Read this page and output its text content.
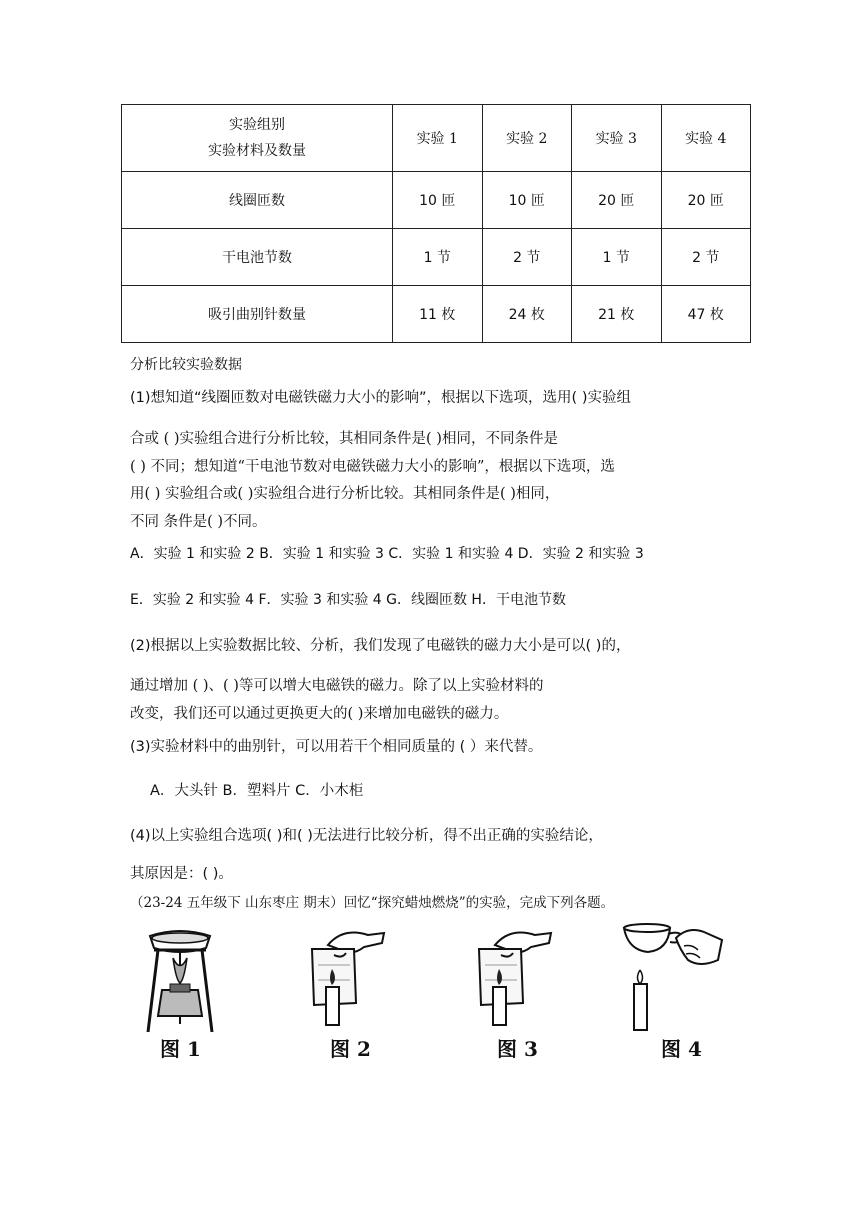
实验组别
实验材料及数量	实验 1	实验 2	实验 3	实验 4
线圈匝数	10 匝	10 匝	20 匝	20 匝
干电池节数	1 节	2 节	1 节	2 节
吸引曲别针数量	11 枚	24 枚	21 枚	47 枚
分析比较实验数据
(1)想知道“线圈匝数对电磁铁磁力大小的影响”，根据以下选项，选用( )实验组
合或 ( )实验组合进行分析比较，其相同条件是( )相同，不同条件是
( ) 不同；想知道“干电池节数对电磁铁磁力大小的影响”，根据以下选项，选
用( ) 实验组合或( )实验组合进行分析比较。其相同条件是( )相同，
不同 条件是( )不同。
A．实验 1 和实验 2 B．实验 1 和实验 3 C．实验 1 和实验 4 D．实验 2 和实验 3
E．实验 2 和实验 4 F．实验 3 和实验 4 G．线圈匝数 H．干电池节数
(2)根据以上实验数据比较、分析，我们发现了电磁铁的磁力大小是可以( )的，
通过增加 ( )、( )等可以增大电磁铁的磁力。除了以上实验材料的
改变，我们还可以通过更换更大的( )来增加电磁铁的磁力。
(3)实验材料中的曲别针，可以用若干个相同质量的 ( ）来代替。
A．大头针 B．塑料片 C．小木柜
(4)以上实验组合选项( )和( )无法进行比较分析，得不出正确的实验结论，
其原因是：( )。
（23-24 五年级下 山东枣庄 期末）回忆“探究蜡烛燃烧”的实验，完成下列各题。
图 1	图 2	图 3	图 4
